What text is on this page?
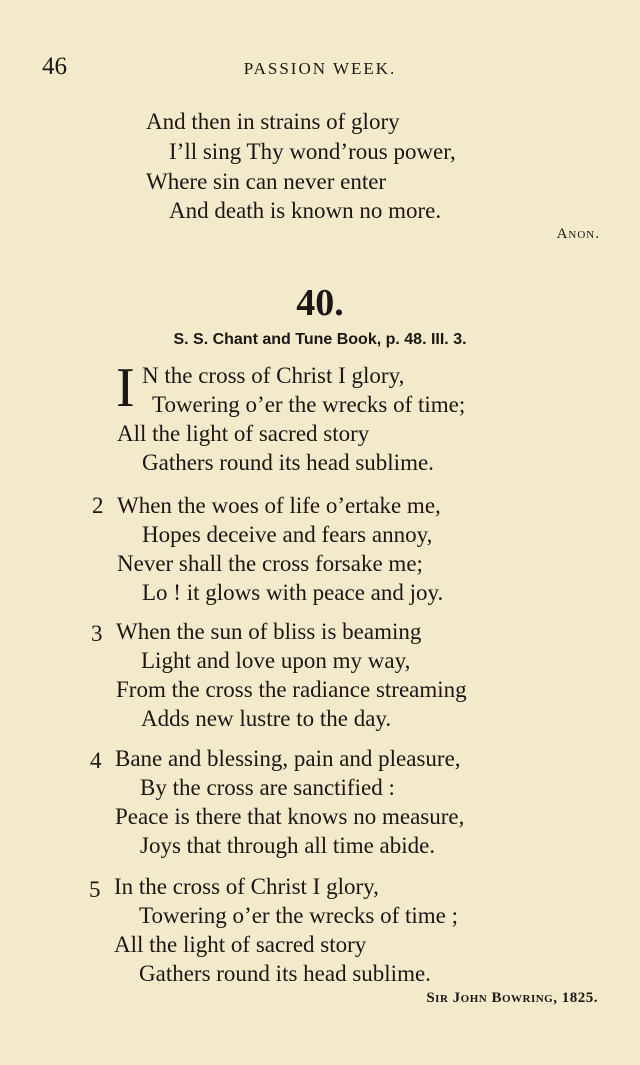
46	PASSION WEEK.
And then in strains of glory
I’ll sing Thy wond’rous power,
Where sin can never enter
And death is known no more.
Anon.
40.
S. S. Chant and Tune Book, p. 48. III. 3.
I N the cross of Christ I glory,
Towering o’er the wrecks of time;
All the light of sacred story
Gathers round its head sublime.
2 When the woes of life o’ertake me,
Hopes deceive and fears annoy,
Never shall the cross forsake me;
Lo ! it glows with peace and joy.
3 When the sun of bliss is beaming
Light and love upon my way,
From the cross the radiance streaming
Adds new lustre to the day.
4 Bane and blessing, pain and pleasure,
By the cross are sanctified :
Peace is there that knows no measure,
Joys that through all time abide.
5 In the cross of Christ I glory,
Towering o’er the wrecks of time ;
All the light of sacred story
Gathers round its head sublime.
Sir John Bowring, 1825.
